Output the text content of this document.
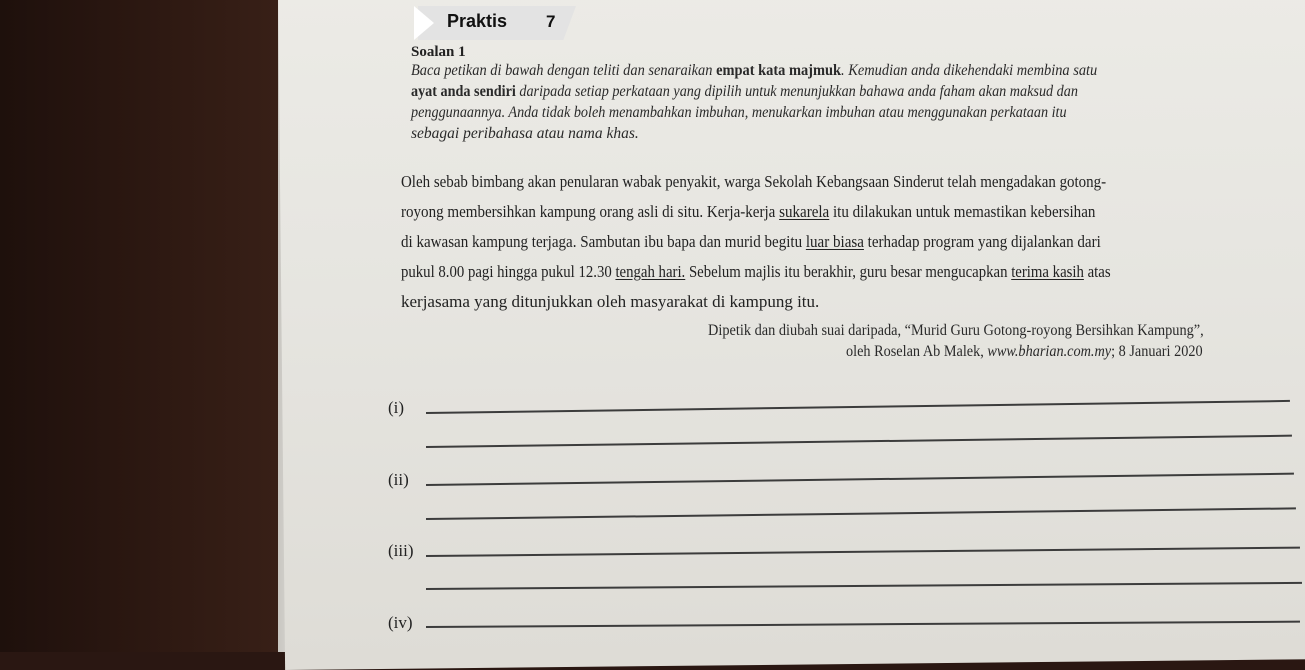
Praktis 7
Soalan 1
Baca petikan di bawah dengan teliti dan senaraikan empat kata majmuk. Kemudian anda dikehendaki membina satu
ayat anda sendiri daripada setiap perkataan yang dipilih untuk menunjukkan bahawa anda faham akan maksud dan
penggunaannya. Anda tidak boleh menambahkan imbuhan, menukarkan imbuhan atau menggunakan perkataan itu
sebagai peribahasa atau nama khas.
Oleh sebab bimbang akan penularan wabak penyakit, warga Sekolah Kebangsaan Sinderut telah mengadakan gotong-
royong membersihkan kampung orang asli di situ. Kerja-kerja sukarela itu dilakukan untuk memastikan kebersihan
di kawasan kampung terjaga. Sambutan ibu bapa dan murid begitu luar biasa terhadap program yang dijalankan dari
pukul 8.00 pagi hingga pukul 12.30 tengah hari. Sebelum majlis itu berakhir, guru besar mengucapkan terima kasih atas
kerjasama yang ditunjukkan oleh masyarakat di kampung itu.
Dipetik dan diubah suai daripada, “Murid Guru Gotong-royong Bersihkan Kampung”,
oleh Roselan Ab Malek, www.bharian.com.my; 8 Januari 2020
(i)
(ii)
(iii)
(iv)
